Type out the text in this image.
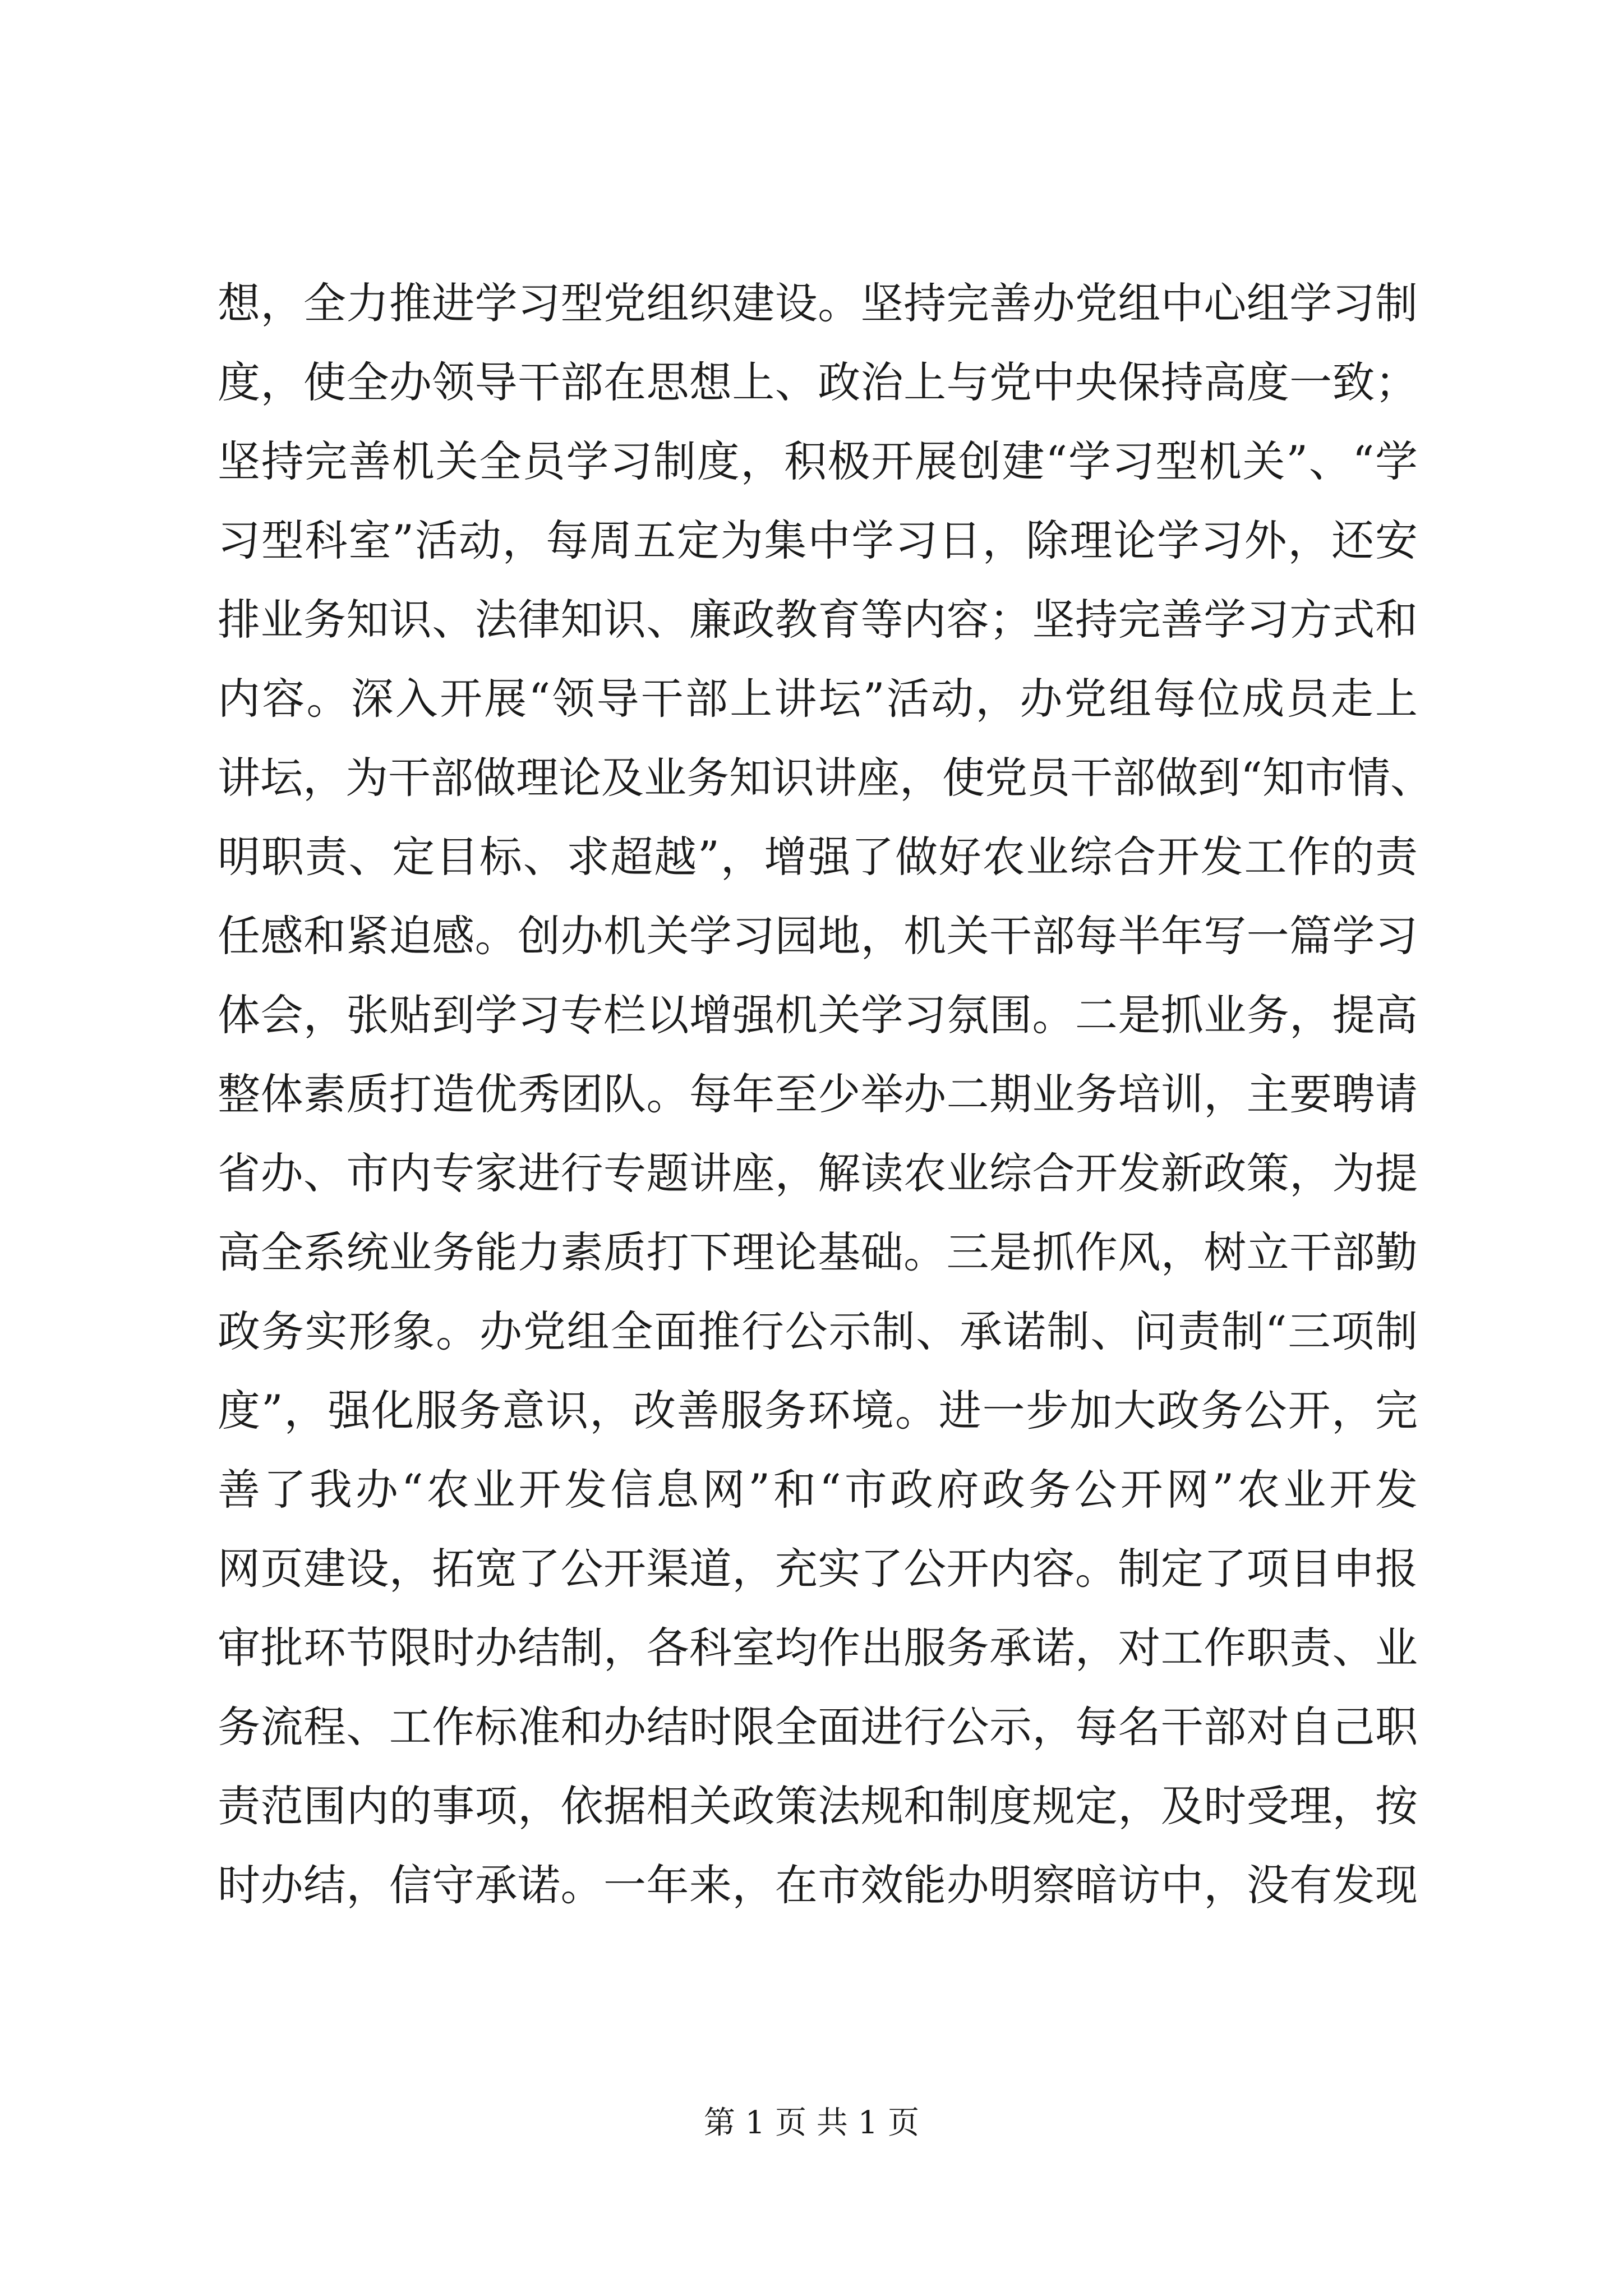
想，全力推进学习型党组织建设。坚持完善办党组中心组学习制
度，使全办领导干部在思想上、政治上与党中央保持高度一致；
坚持完善机关全员学习制度，积极开展创建“学习型机关”、“学
习型科室”活动，每周五定为集中学习日，除理论学习外，还安
排业务知识、法律知识、廉政教育等内容；坚持完善学习方式和
内容。深入开展“领导干部上讲坛”活动，办党组每位成员走上
讲坛，为干部做理论及业务知识讲座，使党员干部做到“知市情、
明职责、定目标、求超越”，增强了做好农业综合开发工作的责
任感和紧迫感。创办机关学习园地，机关干部每半年写一篇学习
体会，张贴到学习专栏以增强机关学习氛围。二是抓业务，提高
整体素质打造优秀团队。每年至少举办二期业务培训，主要聘请
省办、市内专家进行专题讲座，解读农业综合开发新政策，为提
高全系统业务能力素质打下理论基础。三是抓作风，树立干部勤
政务实形象。办党组全面推行公示制、承诺制、问责制“三项制
度”，强化服务意识，改善服务环境。进一步加大政务公开，完
善了我办“农业开发信息网”和“市政府政务公开网”农业开发
网页建设，拓宽了公开渠道，充实了公开内容。制定了项目申报
审批环节限时办结制，各科室均作出服务承诺，对工作职责、业
务流程、工作标准和办结时限全面进行公示，每名干部对自己职
责范围内的事项，依据相关政策法规和制度规定，及时受理，按
时办结，信守承诺。一年来，在市效能办明察暗访中，没有发现
第 1 页 共 1 页
